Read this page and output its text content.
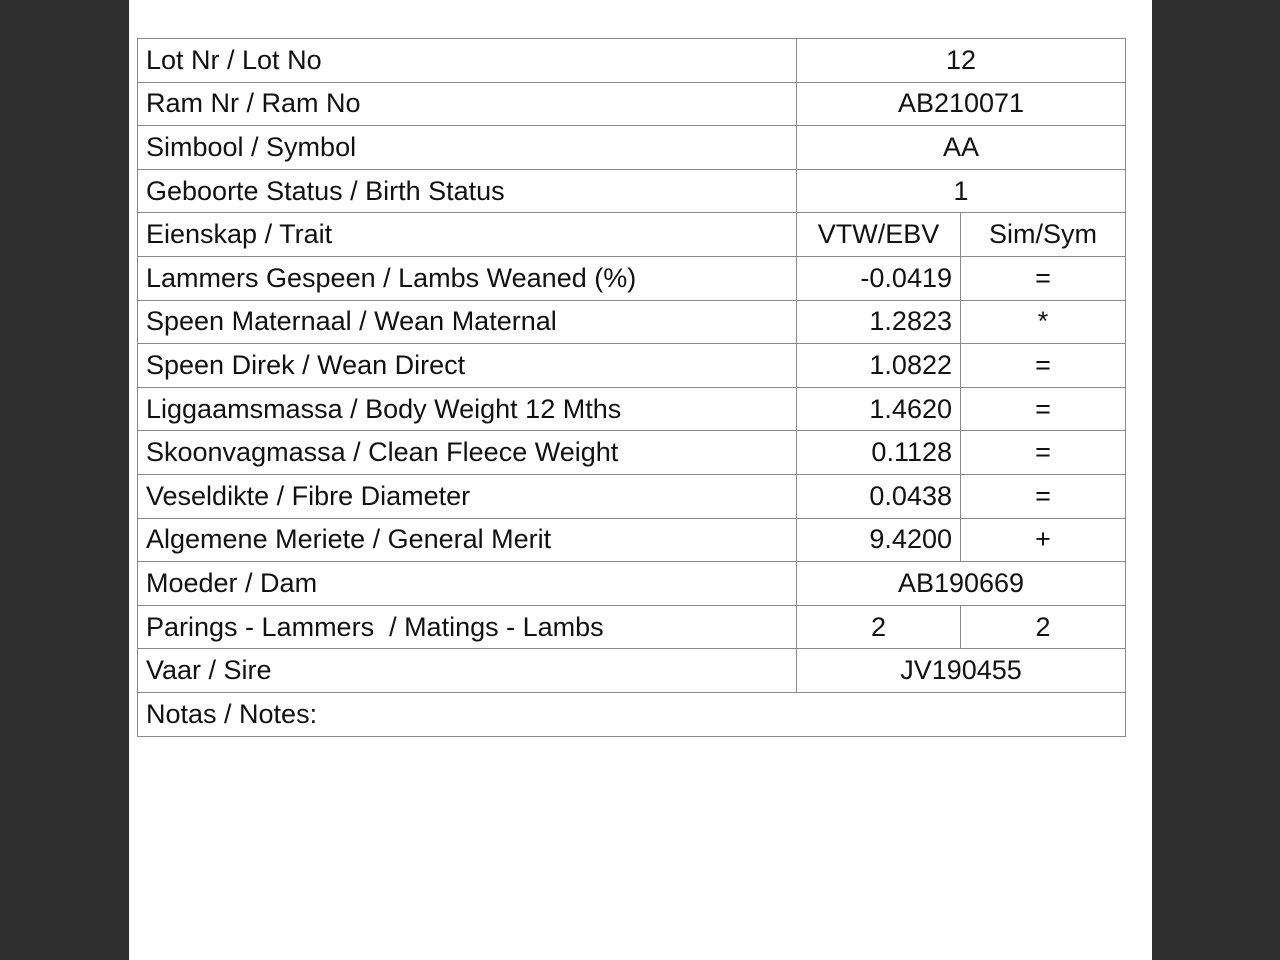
Lot Nr / Lot No	12	
Ram Nr / Ram No	AB210071	
Simbool / Symbol	AA	
Geboorte Status / Birth Status	1	
Eienskap / Trait	VTW/EBV	Sim/Sym
Lammers Gespeen / Lambs Weaned (%)	-0.0419	=
Speen Maternaal / Wean Maternal	1.2823	*
Speen Direk / Wean Direct	1.0822	=
Liggaamsmassa / Body Weight 12 Mths	1.4620	=
Skoonvagmassa / Clean Fleece Weight	0.1128	=
Veseldikte / Fibre Diameter	0.0438	=
Algemene Meriete / General Merit	9.4200	+
Moeder / Dam	AB190669	
Parings - Lammers  / Matings - Lambs	2	2
Vaar / Sire	JV190455	
Notas / Notes:		
